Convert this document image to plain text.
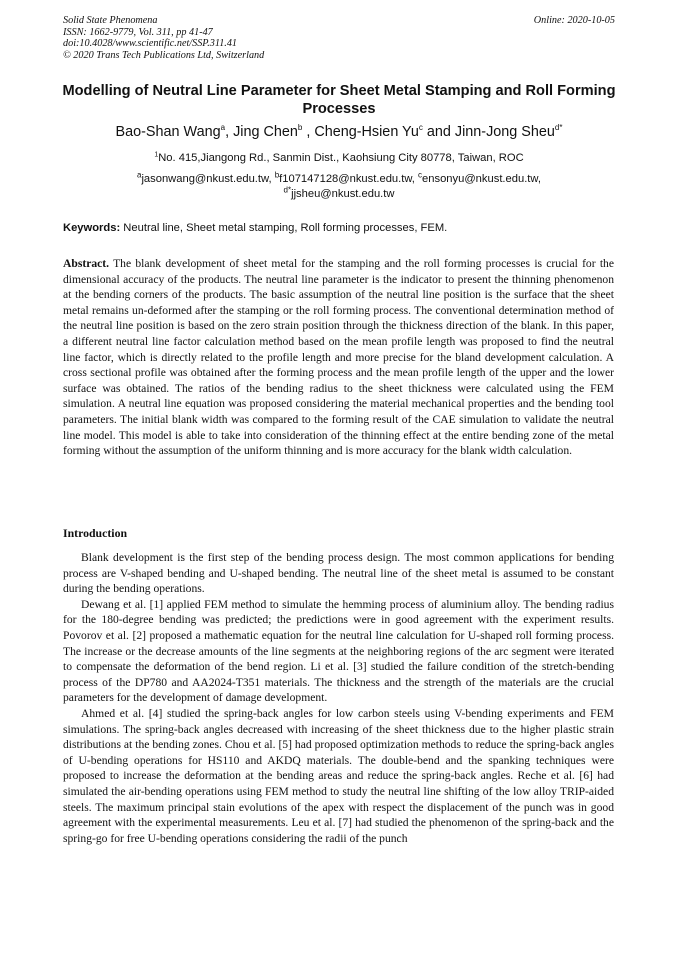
Solid State Phenomena
ISSN: 1662-9779, Vol. 311, pp 41-47
doi:10.4028/www.scientific.net/SSP.311.41
© 2020 Trans Tech Publications Ltd, Switzerland
Online: 2020-10-05
Modelling of Neutral Line Parameter for Sheet Metal Stamping and Roll Forming Processes
Bao-Shan Wang$^a$, Jing Chen$^b$ , Cheng-Hsien Yu$^c$ and Jinn-Jong Sheu$^{d*}$
$^1$No. 415,Jiangong Rd., Sanmin Dist., Kaohsiung City 80778, Taiwan, ROC
$^a$jasonwang@nkust.edu.tw, $^b$f107147128@nkust.edu.tw, $^c$ensonyu@nkust.edu.tw,
$^{d*}$jjsheu@nkust.edu.tw
Keywords: Neutral line, Sheet metal stamping, Roll forming processes, FEM.
Abstract. The blank development of sheet metal for the stamping and the roll forming processes is crucial for the dimensional accuracy of the products. The neutral line parameter is the indicator to present the thinning phenomenon at the bending corners of the products. The basic assumption of the neutral line position is the surface that the sheet metal remains un-deformed after the stamping or the roll forming process. The conventional determination method of the neutral line position is based on the zero strain position through the thickness direction of the blank. In this paper, a different neutral line factor calculation method based on the mean profile length was proposed to find the neutral line factor, which is directly related to the profile length and more precise for the bland development calculation. A cross sectional profile was obtained after the forming process and the mean profile length of the upper and the lower surface was obtained. The ratios of the bending radius to the sheet thickness were calculated using the FEM simulation. A neutral line equation was proposed considering the material mechanical properties and the bending tool parameters. The initial blank width was compared to the forming result of the CAE simulation to validate the neutral line model. This model is able to take into consideration of the thinning effect at the entire bending zone of the metal forming without the assumption of the uniform thinning and is more accuracy for the blank width calculation.
Introduction

Blank development is the first step of the bending process design. The most common applications for bending process are V-shaped bending and U-shaped bending. The neutral line of the sheet metal is assumed to be constant during the bending operations.

Dewang et al. [1] applied FEM method to simulate the hemming process of aluminium alloy. The bending radius for the 180-degree bending was predicted; the predictions were in good agreement with the experiment results. Povorov et al. [2] proposed a mathematic equation for the neutral line calculation for U-shaped roll forming process. The increase or the decrease amounts of the line segments at the neighboring regions of the arc segment were iterated to compensate the deformation of the bend region. Li et al. [3] studied the failure condition of the stretch-bending process of the DP780 and AA2024-T351 materials. The thickness and the strength of the materials are the crucial parameters for the development of damage development.

Ahmed et al. [4] studied the spring-back angles for low carbon steels using V-bending experiments and FEM simulations. The spring-back angles decreased with increasing of the sheet thickness due to the higher plastic strain distributions at the bending zones. Chou et al. [5] had proposed optimization methods to reduce the spring-back angles of U-bending operations for HS110 and AKDQ materials. The double-bend and the spanking techniques were proposed to increase the deformation at the bending areas and reduce the spring-back angles. Reche et al. [6] had simulated the air-bending operations using FEM method to study the neutral line shifting of the low alloy TRIP-aided steels. The maximum principal stain evolutions of the apex with respect the displacement of the punch was in good agreement with the experimental measurements. Leu et al. [7] had studied the phenomenon of the spring-back and the spring-go for free U-bending operations considering the radii of the punch
